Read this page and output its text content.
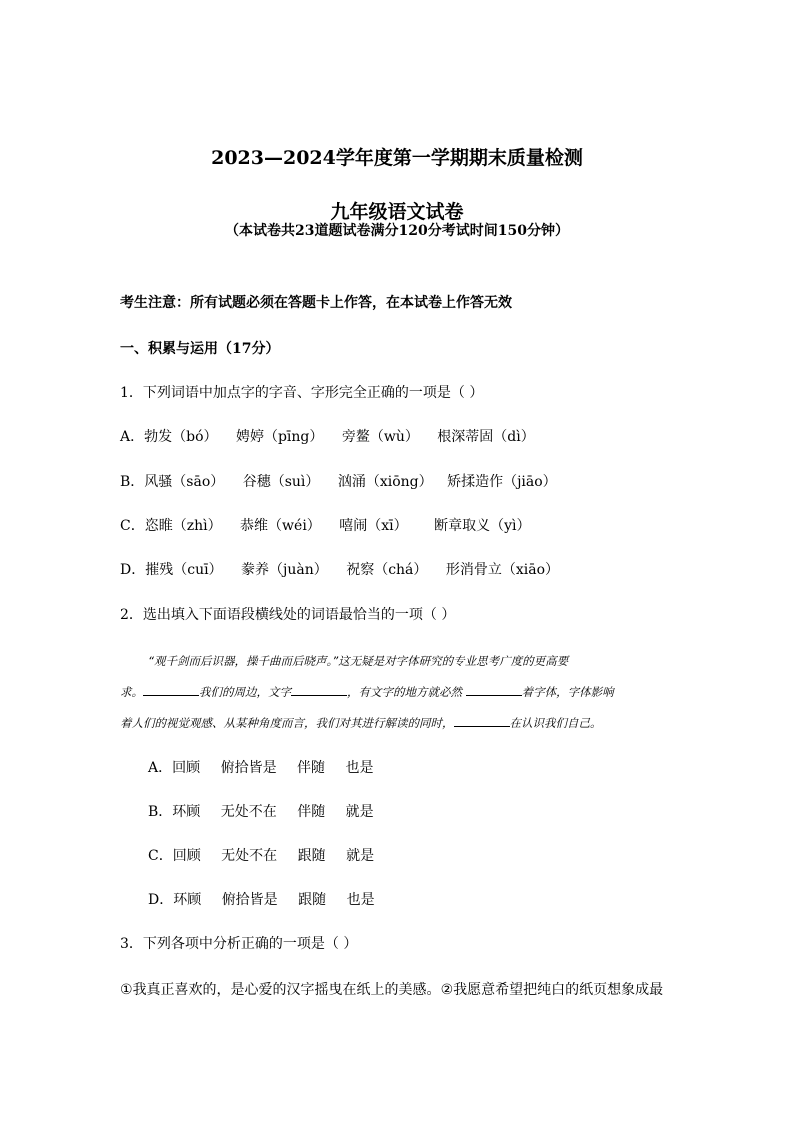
2023—2024学年度第一学期期末质量检测
九年级语文试卷
（本试卷共23道题试卷满分120分考试时间150分钟）
考生注意：所有试题必须在答题卡上作答，在本试卷上作答无效
一、积累与运用（17分）
1．下列词语中加点字的字音、字形完全正确的一项是（ ）
A．勃发（bó） 娉婷（pīng） 旁鳌（wù） 根深蒂固（dì）
B．风骚（sāo） 谷穗（suì） 汹涌（xiōng） 矫揉造作（jiāo）
C．恣睢（zhì） 恭维（wéi） 嘻闹（xī） 断章取义（yì）
D．摧残（cuī） 豢养（juàn） 祝察（chá） 形消骨立（xiāo）
2．选出填入下面语段横线处的词语最恰当的一项（ ）
“观千剑而后识器，操千曲而后晓声。”这无疑是对字体研究的专业思考广度的更高要
求。	我们的周边，文字	，有文字的地方就必然	着字体，字体影响
着人们的视觉观感、从某种角度而言，我们对其进行解读的同时，	在认识我们自己。
A．回顾 俯拾皆是 伴随 也是
B．环顾 无处不在 伴随 就是
C．回顾 无处不在 跟随 就是
D．环顾 俯拾皆是 跟随 也是
3．下列各项中分析正确的一项是（ ）
①我真正喜欢的，是心爱的汉字摇曳在纸上的美感。②我愿意希望把纯白的纸页想象成最
